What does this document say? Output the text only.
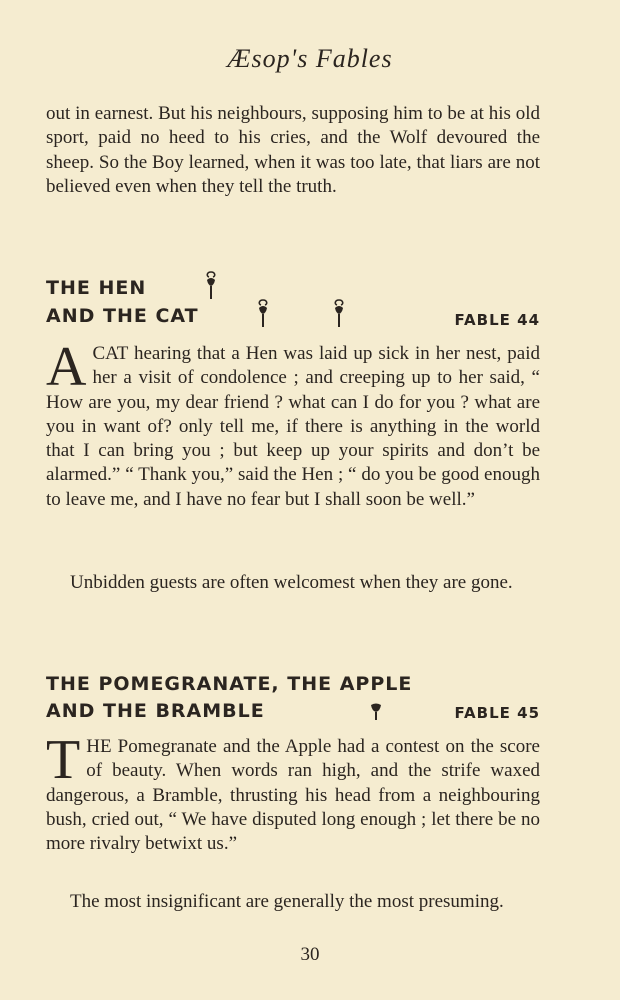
Æsop's Fables
out in earnest. But his neighbours, supposing him to be at his old sport, paid no heed to his cries, and the Wolf devoured the sheep. So the Boy learned, when it was too late, that liars are not believed even when they tell the truth.
THE HEN
AND THE CAT	FABLE 44
ACAT hearing that a Hen was laid up sick in her nest, paid her a visit of condolence ; and creeping up to her said, “ How are you, my dear friend ? what can I do for you ? what are you in want of? only tell me, if there is anything in the world that I can bring you ; but keep up your spirits and don’t be alarmed.” “ Thank you,” said the Hen ; “ do you be good enough to leave me, and I have no fear but I shall soon be well.”
Unbidden guests are often welcomest when they are gone.
THE POMEGRANATE, THE APPLE
AND THE BRAMBLE	FABLE 45
THE Pomegranate and the Apple had a contest on the score of beauty. When words ran high, and the strife waxed dangerous, a Bramble, thrusting his head from a neighbouring bush, cried out, “ We have disputed long enough ; let there be no more rivalry betwixt us.”
The most insignificant are generally the most presuming.
30
